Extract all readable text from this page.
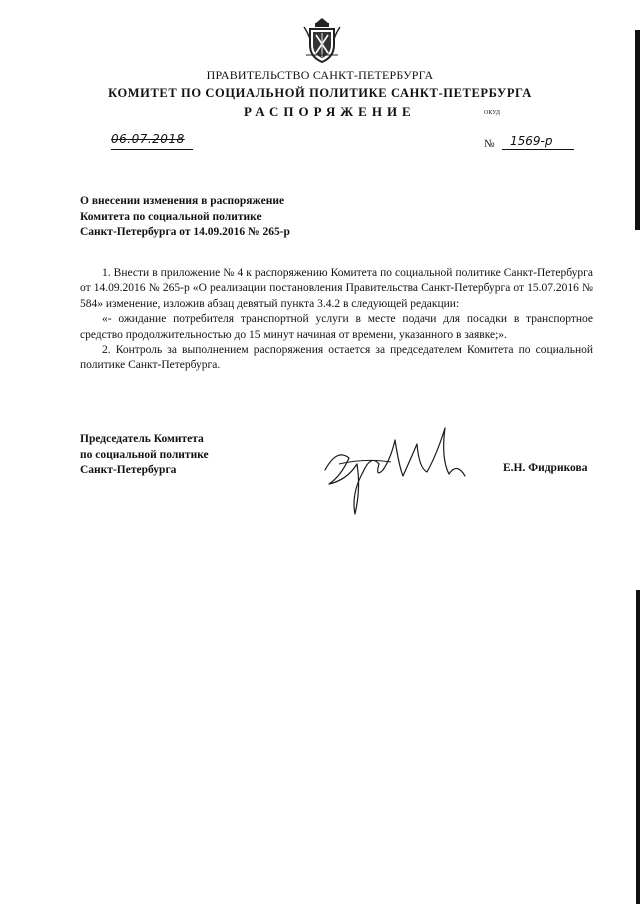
ПРАВИТЕЛЬСТВО САНКТ-ПЕТЕРБУРГА
КОМИТЕТ ПО СОЦИАЛЬНОЙ ПОЛИТИКЕ САНКТ-ПЕТЕРБУРГА
РАСПОРЯЖЕНИЕ	ОКУД
06.07.2018	№	1569-р
О внесении изменения в распоряжение
Комитета по социальной политике
Санкт-Петербурга от 14.09.2016 № 265-р

1. Внести в приложение № 4 к распоряжению Комитета по социальной политике Санкт-Петербурга от 14.09.2016 № 265-р «О реализации постановления Правительства Санкт-Петербурга от 15.07.2016 № 584» изменение, изложив абзац девятый пункта 3.4.2 в следующей редакции:

«- ожидание потребителя транспортной услуги в месте подачи для посадки в транспортное средство продолжительностью до 15 минут начиная от времени, указанного в заявке;».

2. Контроль за выполнением распоряжения остается за председателем Комитета по социальной политике Санкт-Петербурга.

Председатель Комитета
по социальной политике
Санкт-Петербурга	Е.Н. Фидрикова
